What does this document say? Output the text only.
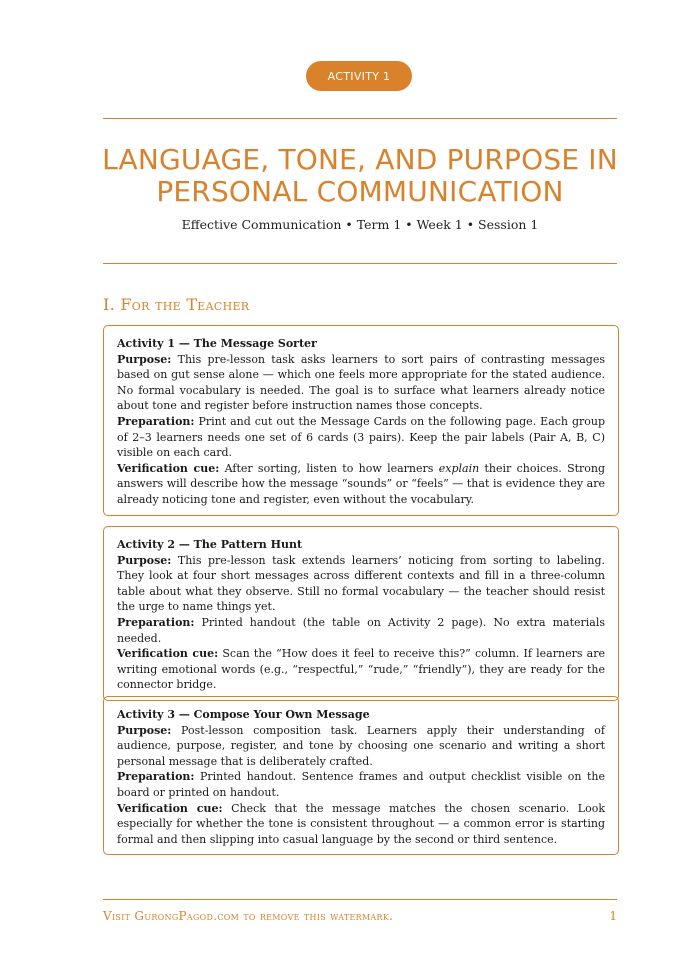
ACTIVITY 1
LANGUAGE, TONE, AND PURPOSE IN PERSONAL COMMUNICATION
Effective Communication • Term 1 • Week 1 • Session 1
I. For the Teacher
Activity 1 — The Message Sorter

Purpose: This pre-lesson task asks learners to sort pairs of contrasting messages based on gut sense alone — which one feels more appropriate for the stated audience. No formal vocabulary is needed. The goal is to surface what learners already notice about tone and register before instruction names those concepts.

Preparation: Print and cut out the Message Cards on the following page. Each group of 2–3 learners needs one set of 6 cards (3 pairs). Keep the pair labels (Pair A, B, C) visible on each card.

Verification cue: After sorting, listen to how learners explain their choices. Strong answers will describe how the message “sounds” or “feels” — that is evidence they are already noticing tone and register, even without the vocabulary.

Activity 2 — The Pattern Hunt

Purpose: This pre-lesson task extends learners’ noticing from sorting to labeling. They look at four short messages across different contexts and fill in a three-column table about what they observe. Still no formal vocabulary — the teacher should resist the urge to name things yet.

Preparation: Printed handout (the table on Activity 2 page). No extra materials needed.

Verification cue: Scan the “How does it feel to receive this?” column. If learners are writing emotional words (e.g., “respectful,” “rude,” “friendly”), they are ready for the connector bridge.

Activity 3 — Compose Your Own Message

Purpose: Post-lesson composition task. Learners apply their understanding of audience, purpose, register, and tone by choosing one scenario and writing a short personal message that is deliberately crafted.

Preparation: Printed handout. Sentence frames and output checklist visible on the board or printed on handout.

Verification cue: Check that the message matches the chosen scenario. Look especially for whether the tone is consistent throughout — a common error is starting formal and then slipping into casual language by the second or third sentence.

Visit GurongPagod.com to remove this watermark.	1
